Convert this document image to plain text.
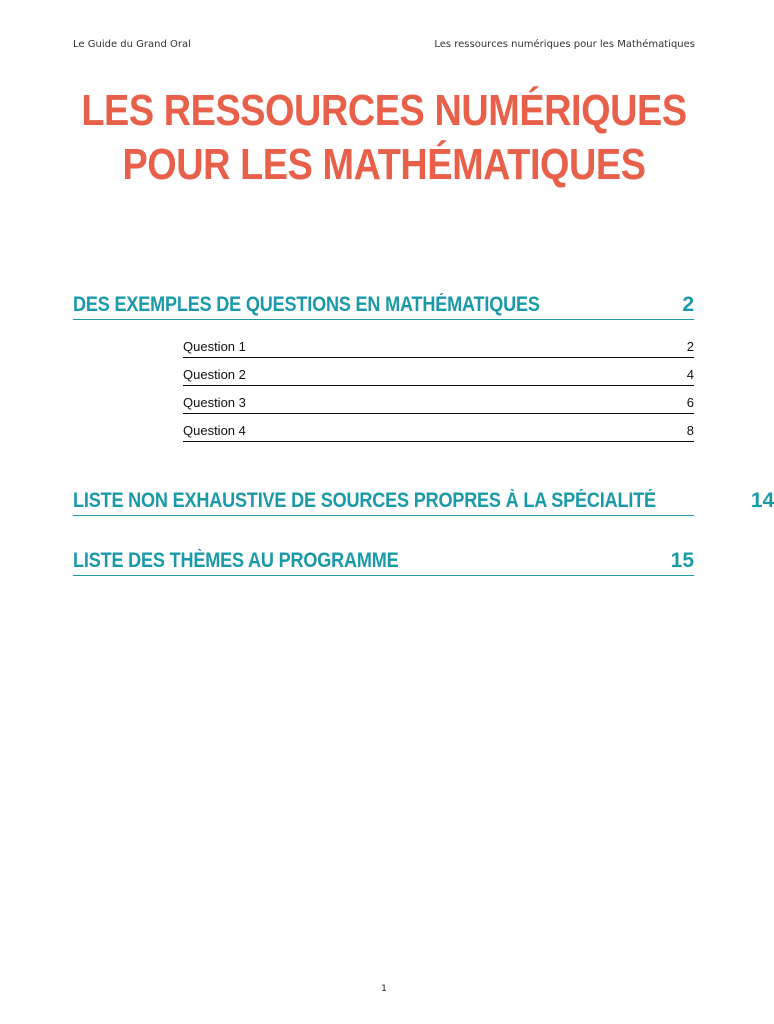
Le Guide du Grand Oral	Les ressources numériques pour les Mathématiques
LES RESSOURCES NUMÉRIQUES
POUR LES MATHÉMATIQUES
DES EXEMPLES DE QUESTIONS EN MATHÉMATIQUES	2
Question 1	2
Question 2	4
Question 3	6
Question 4	8
LISTE NON EXHAUSTIVE DE SOURCES PROPRES À LA SPÉCIALITÉ	14
LISTE DES THÈMES AU PROGRAMME	15
1
